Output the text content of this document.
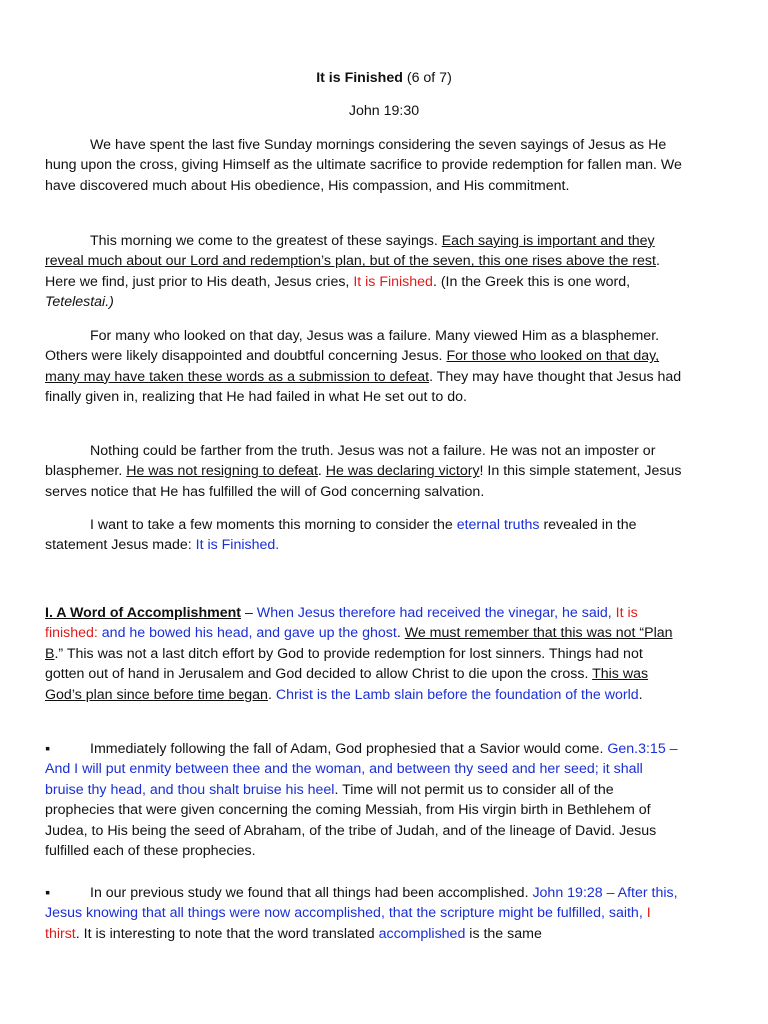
It is Finished (6 of 7)
John 19:30

We have spent the last five Sunday mornings considering the seven sayings of Jesus as He hung upon the cross, giving Himself as the ultimate sacrifice to provide redemption for fallen man. We have discovered much about His obedience, His compassion, and His commitment.

This morning we come to the greatest of these sayings. Each saying is important and they reveal much about our Lord and redemption’s plan, but of the seven, this one rises above the rest. Here we find, just prior to His death, Jesus cries, It is Finished. (In the Greek this is one word, Tetelestai.)

For many who looked on that day, Jesus was a failure. Many viewed Him as a blasphemer. Others were likely disappointed and doubtful concerning Jesus. For those who looked on that day, many may have taken these words as a submission to defeat. They may have thought that Jesus had finally given in, realizing that He had failed in what He set out to do.

Nothing could be farther from the truth. Jesus was not a failure. He was not an imposter or blasphemer. He was not resigning to defeat. He was declaring victory! In this simple statement, Jesus serves notice that He has fulfilled the will of God concerning salvation.

I want to take a few moments this morning to consider the eternal truths revealed in the statement Jesus made: It is Finished.

I. A Word of Accomplishment – When Jesus therefore had received the vinegar, he said, It is finished: and he bowed his head, and gave up the ghost. We must remember that this was not “Plan B.” This was not a last ditch effort by God to provide redemption for lost sinners. Things had not gotten out of hand in Jerusalem and God decided to allow Christ to die upon the cross. This was God’s plan since before time began. Christ is the Lamb slain before the foundation of the world.

▪	Immediately following the fall of Adam, God prophesied that a Savior would come. Gen.3:15 – And I will put enmity between thee and the woman, and between thy seed and her seed; it shall bruise thy head, and thou shalt bruise his heel. Time will not permit us to consider all of the prophecies that were given concerning the coming Messiah, from His virgin birth in Bethlehem of Judea, to His being the seed of Abraham, of the tribe of Judah, and of the lineage of David. Jesus fulfilled each of these prophecies.

▪	In our previous study we found that all things had been accomplished. John 19:28 – After this, Jesus knowing that all things were now accomplished, that the scripture might be fulfilled, saith, I thirst. It is interesting to note that the word translated accomplished is the same
